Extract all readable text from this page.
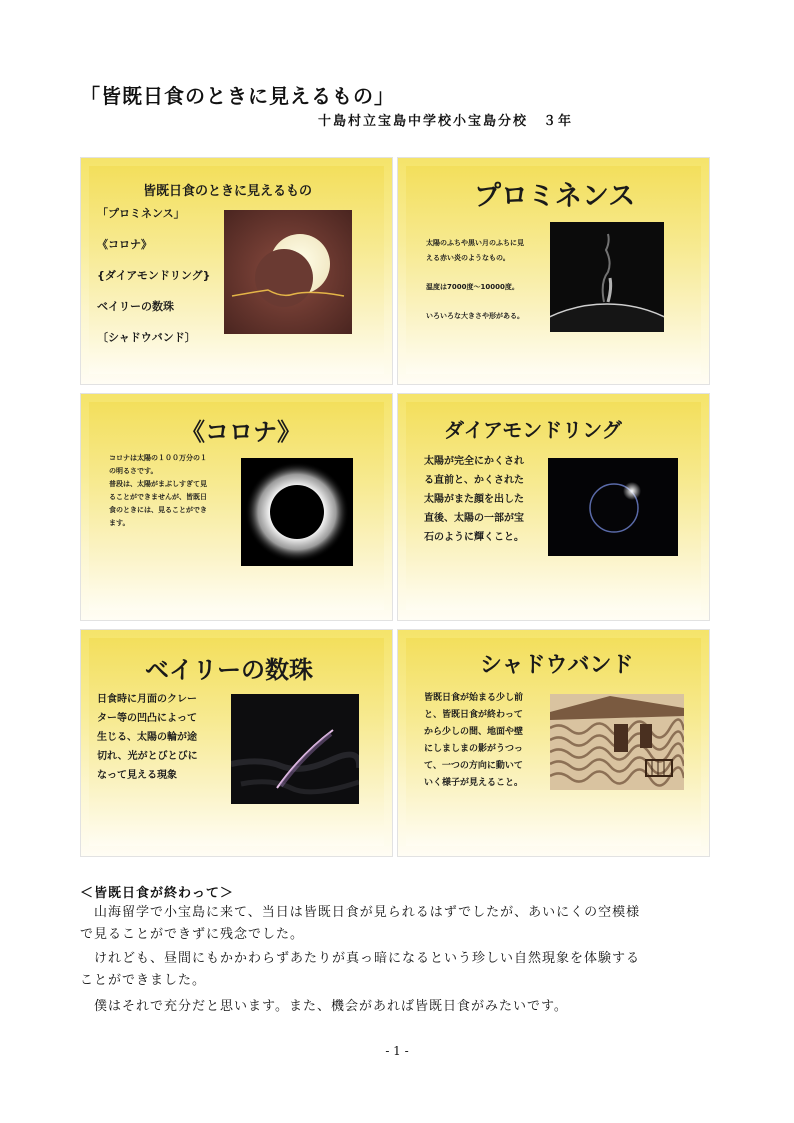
「皆既日食のときに見えるもの」
十島村立宝島中学校小宝島分校　３年
皆既日食のときに見えるもの
「プロミネンス」
《コロナ》
{ダイアモンドリング}
ベイリーの数珠
〔シャドウバンド〕
プロミネンス
太陽のふちや黒い月のふちに見
える赤い炎のようなもの。
温度は7000度～10000度。
いろいろな大きさや形がある。
《コロナ》
コロナは太陽の１００万分の１
の明るさです。
普段は、太陽がまぶしすぎて見
ることができませんが、皆既日
食のときには、見ることができ
ます。
ダイアモンドリング
太陽が完全にかくされ
る直前と、かくされた
太陽がまた顔を出した
直後、太陽の一部が宝
石のように輝くこと。
ベイリーの数珠
日食時に月面のクレー
ター等の凹凸によって
生じる、太陽の輪が途
切れ、光がとびとびに
なって見える現象
シャドウバンド
皆既日食が始まる少し前
と、皆既日食が終わって
から少しの間、地面や壁
にしましまの影がうつっ
て、一つの方向に動いて
いく様子が見えること。
＜皆既日食が終わって＞
　山海留学で小宝島に来て、当日は皆既日食が見られるはずでしたが、あいにくの空模様
で見ることができずに残念でした。
　けれども、昼間にもかかわらずあたりが真っ暗になるという珍しい自然現象を体験する
ことができました。
　僕はそれで充分だと思います。また、機会があれば皆既日食がみたいです。
- 1 -
